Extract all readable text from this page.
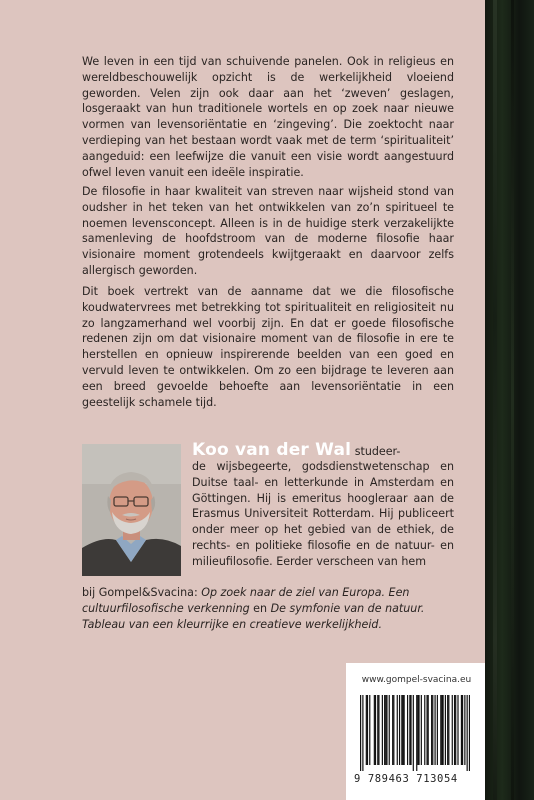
We leven in een tijd van schuivende panelen. Ook in religieus en wereldbeschouwelijk opzicht is de werkelijkheid vloeiend geworden. Velen zijn ook daar aan het ‘zweven’ geslagen, losgeraakt van hun traditionele wortels en op zoek naar nieuwe vormen van levensoriëntatie en ‘zingeving’. Die zoektocht naar verdieping van het bestaan wordt vaak met de term ‘spiritualiteit’ aangeduid: een leefwijze die vanuit een visie wordt aangestuurd ofwel leven vanuit een ideële inspiratie.
De filosofie in haar kwaliteit van streven naar wijsheid stond van oudsher in het teken van het ontwikkelen van zo’n spiritueel te noemen levensconcept. Alleen is in de huidige sterk verzakelijkte samenleving de hoofdstroom van de moderne filosofie haar visionaire moment grotendeels kwijtgeraakt en daarvoor zelfs allergisch geworden.
Dit boek vertrekt van de aanname dat we die filosofische koudwatervrees met betrekking tot spiritualiteit en religiositeit nu zo langzamerhand wel voorbij zijn. En dat er goede filosofische redenen zijn om dat visionaire moment van de filosofie in ere te herstellen en opnieuw inspirerende beelden van een goed en vervuld leven te ontwikkelen. Om zo een bijdrage te leveren aan een breed gevoelde behoefte aan levensoriëntatie in een geestelijk schamele tijd.
Koo van der Wal studeer-
de wijsbegeerte, godsdienstwetenschap en Duitse taal- en letterkunde in Amsterdam en Göttingen. Hij is emeritus hoogleraar aan de Erasmus Universiteit Rotterdam. Hij publiceert onder meer op het gebied van de ethiek, de rechts- en politieke filosofie en de natuur- en milieufilosofie. Eerder verscheen van hem
bij Gompel&Svacina: Op zoek naar de ziel van Europa. Een cultuurfilosofische verkenning en De symfonie van de natuur. Tableau van een kleurrijke en creatieve werkelijkheid.
www.gompel-svacina.eu
9 789463 713054
